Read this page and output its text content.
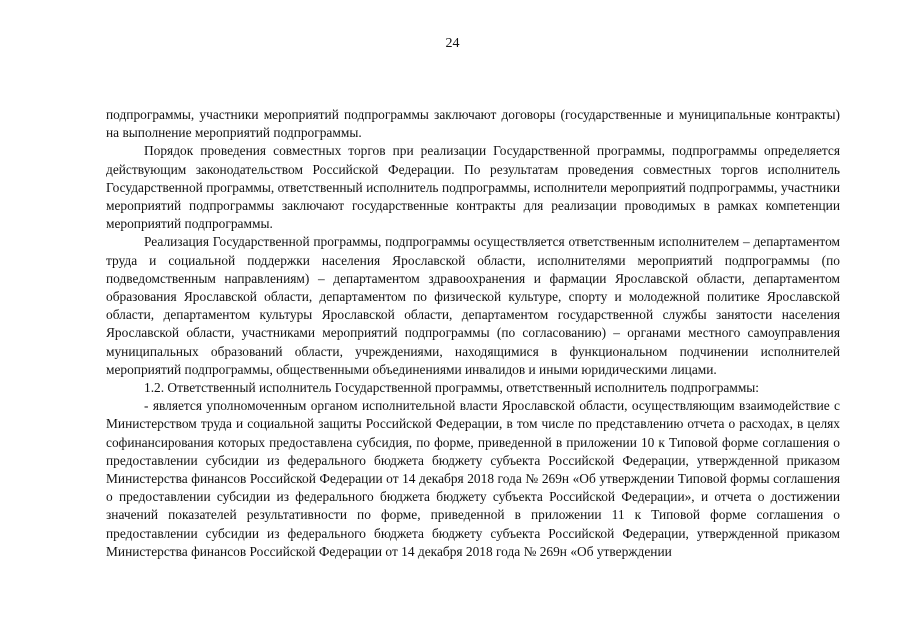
24

подпрограммы, участники мероприятий подпрограммы заключают договоры (государственные и муниципальные контракты) на выполнение мероприятий подпрограммы.

Порядок проведения совместных торгов при реализации Государственной программы, подпрограммы определяется действующим законодательством Российской Федерации. По результатам проведения совместных торгов исполнитель Государственной программы, ответственный исполнитель подпрограммы, исполнители мероприятий подпрограммы, участники мероприятий подпрограммы заключают государственные контракты для реализации проводимых в рамках компетенции мероприятий подпрограммы.

Реализация Государственной программы, подпрограммы осуществляется ответственным исполнителем – департаментом труда и социальной поддержки населения Ярославской области, исполнителями мероприятий подпрограммы (по подведомственным направлениям) – департаментом здравоохранения и фармации Ярославской области, департаментом образования Ярославской области, департаментом по физической культуре, спорту и молодежной политике Ярославской области, департаментом культуры Ярославской области, департаментом государственной службы занятости населения Ярославской области, участниками мероприятий подпрограммы (по согласованию) – органами местного самоуправления муниципальных образований области, учреждениями, находящимися в функциональном подчинении исполнителей мероприятий подпрограммы, общественными объединениями инвалидов и иными юридическими лицами.

1.2. Ответственный исполнитель Государственной программы, ответственный исполнитель подпрограммы:

- является уполномоченным органом исполнительной власти Ярославской области, осуществляющим взаимодействие с Министерством труда и социальной защиты Российской Федерации, в том числе по представлению отчета о расходах, в целях софинансирования которых предоставлена субсидия, по форме, приведенной в приложении 10 к Типовой форме соглашения о предоставлении субсидии из федерального бюджета бюджету субъекта Российской Федерации, утвержденной приказом Министерства финансов Российской Федерации от 14 декабря 2018 года № 269н «Об утверждении Типовой формы соглашения о предоставлении субсидии из федерального бюджета бюджету субъекта Российской Федерации», и отчета о достижении значений показателей результативности по форме, приведенной в приложении 11 к Типовой форме соглашения о предоставлении субсидии из федерального бюджета бюджету субъекта Российской Федерации, утвержденной приказом Министерства финансов Российской Федерации от 14 декабря 2018 года № 269н «Об утверждении
